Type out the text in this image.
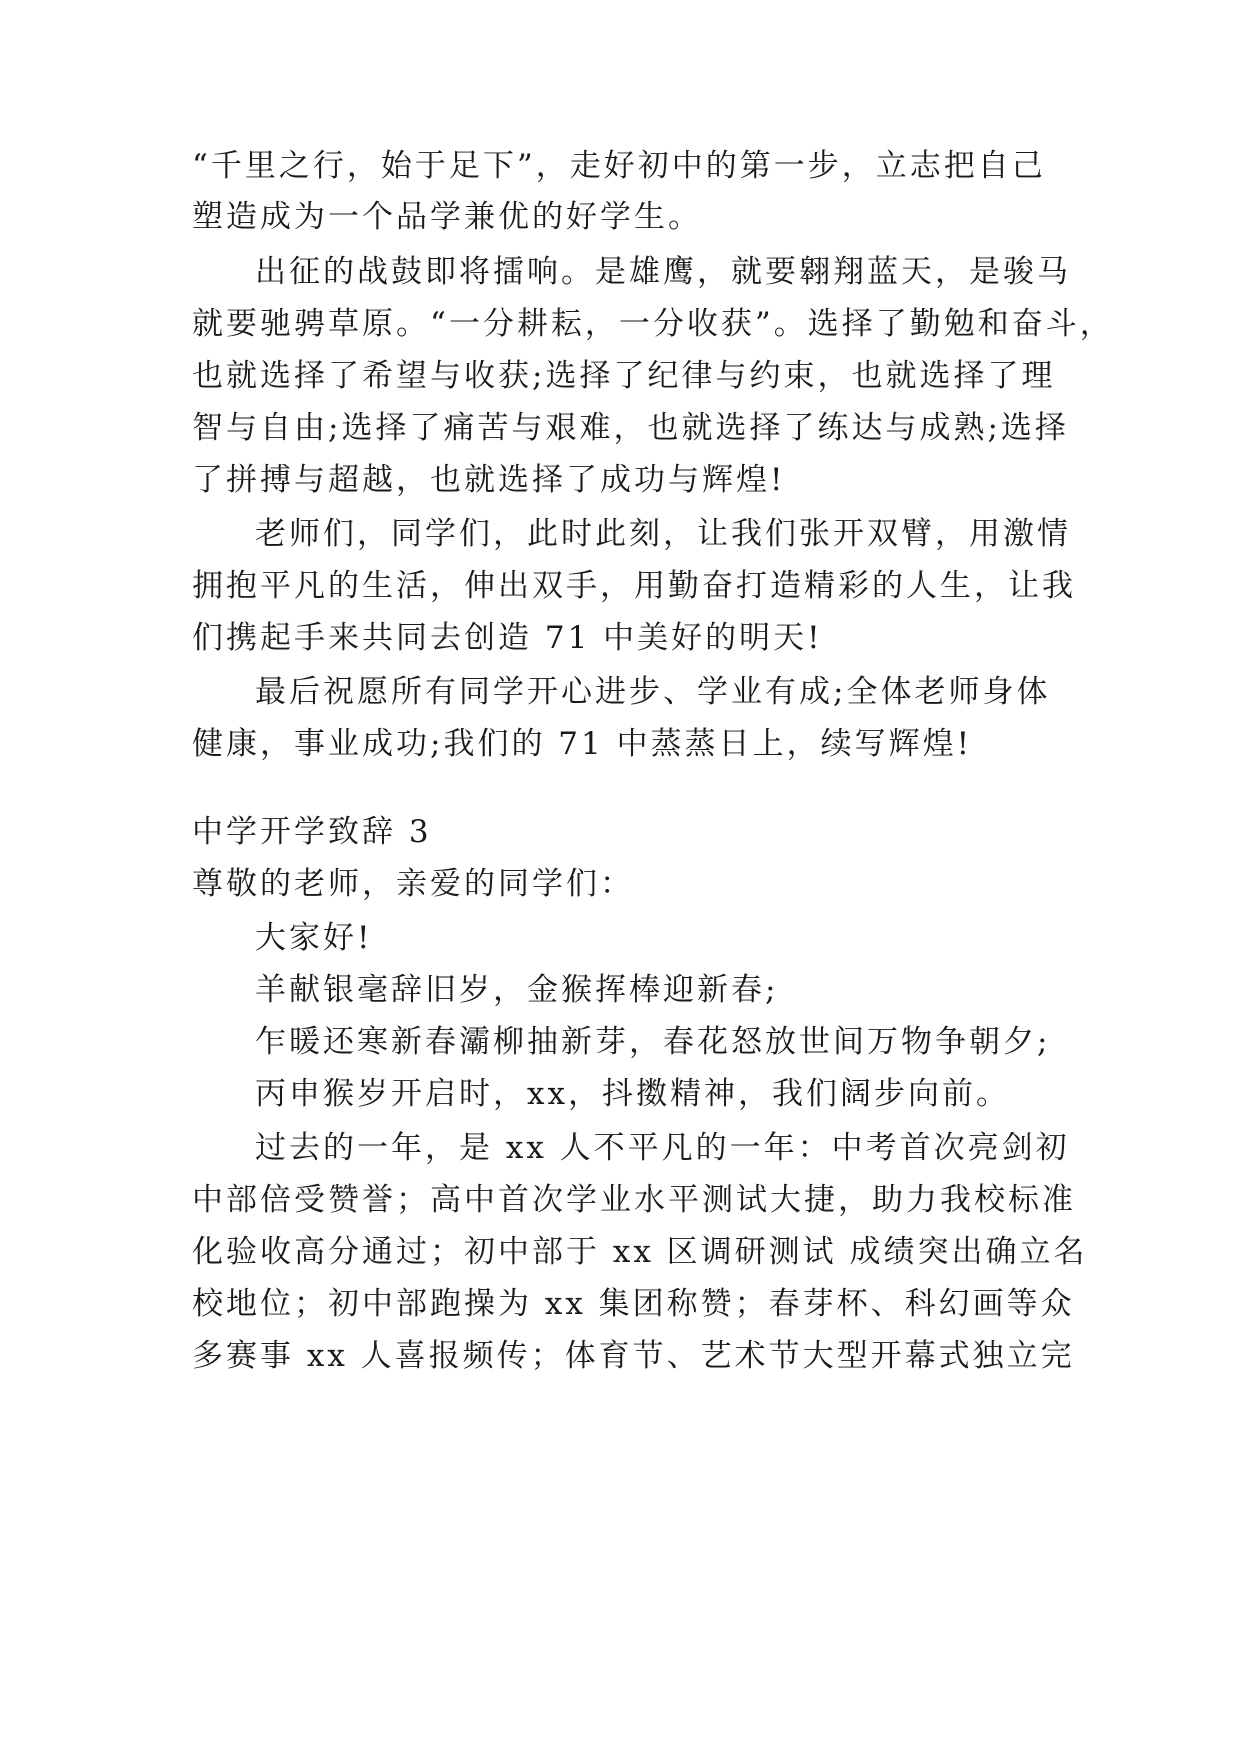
“千里之行，始于足下”，走好初中的第一步，立志把自己
塑造成为一个品学兼优的好学生。
出征的战鼓即将擂响。是雄鹰，就要翱翔蓝天，是骏马
就要驰骋草原。“一分耕耘，一分收获”。选择了勤勉和奋斗，
也就选择了希望与收获;选择了纪律与约束，也就选择了理
智与自由;选择了痛苦与艰难，也就选择了练达与成熟;选择
了拼搏与超越，也就选择了成功与辉煌!
老师们，同学们，此时此刻，让我们张开双臂，用激情
拥抱平凡的生活，伸出双手，用勤奋打造精彩的人生，让我
们携起手来共同去创造 71 中美好的明天!
最后祝愿所有同学开心进步、学业有成;全体老师身体
健康，事业成功;我们的 71 中蒸蒸日上，续写辉煌!
中学开学致辞 3
尊敬的老师，亲爱的同学们：
大家好!
羊献银毫辞旧岁，金猴挥棒迎新春;
乍暖还寒新春灞柳抽新芽，春花怒放世间万物争朝夕;
丙申猴岁开启时，xx，抖擞精神，我们阔步向前。
过去的一年，是 xx 人不平凡的一年：中考首次亮剑初
中部倍受赞誉；高中首次学业水平测试大捷，助力我校标准
化验收高分通过；初中部于 xx 区调研测试 成绩突出确立名
校地位；初中部跑操为 xx 集团称赞；春芽杯、科幻画等众
多赛事 xx 人喜报频传；体育节、艺术节大型开幕式独立完
